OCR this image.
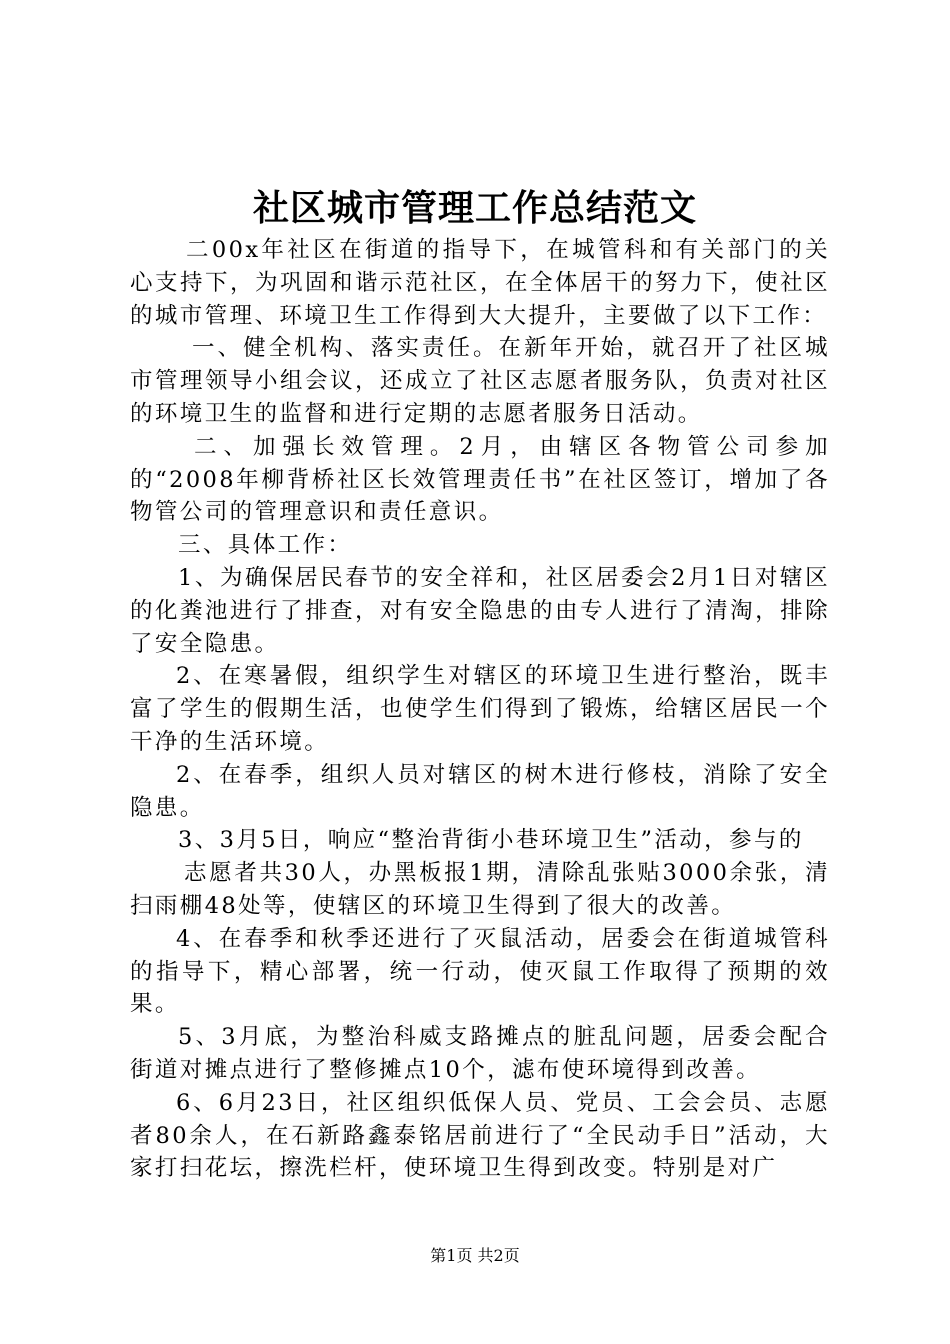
社区城市管理工作总结范文

二00x年社区在街道的指导下，在城管科和有关部门的关心支持下，为巩固和谐示范社区，在全体居干的努力下，使社区的城市管理、环境卫生工作得到大大提升，主要做了以下工作：

一、健全机构、落实责任。在新年开始，就召开了社区城市管理领导小组会议，还成立了社区志愿者服务队，负责对社区的环境卫生的监督和进行定期的志愿者服务日活动。

二、加强长效管理。2月，由辖区各物管公司参加的“2008年柳背桥社区长效管理责任书”在社区签订，增加了各物管公司的管理意识和责任意识。

三、具体工作：

1、为确保居民春节的安全祥和，社区居委会2月1日对辖区的化粪池进行了排查，对有安全隐患的由专人进行了清淘，排除了安全隐患。

2、在寒暑假，组织学生对辖区的环境卫生进行整治，既丰富了学生的假期生活，也使学生们得到了锻炼，给辖区居民一个干净的生活环境。

2、在春季，组织人员对辖区的树木进行修枝，消除了安全隐患。

3、3月5日，响应“整治背街小巷环境卫生”活动，参与的

志愿者共30人，办黑板报1期，清除乱张贴3000余张，清扫雨棚48处等，使辖区的环境卫生得到了很大的改善。

4、在春季和秋季还进行了灭鼠活动，居委会在街道城管科的指导下，精心部署，统一行动，使灭鼠工作取得了预期的效果。

5、3月底，为整治科威支路摊点的脏乱问题，居委会配合街道对摊点进行了整修摊点10个，滤布使环境得到改善。

6、6月23日，社区组织低保人员、党员、工会会员、志愿者80余人，在石新路鑫泰铭居前进行了“全民动手日”活动，大家打扫花坛，擦洗栏杆，使环境卫生得到改变。特别是对广

第1页 共2页
